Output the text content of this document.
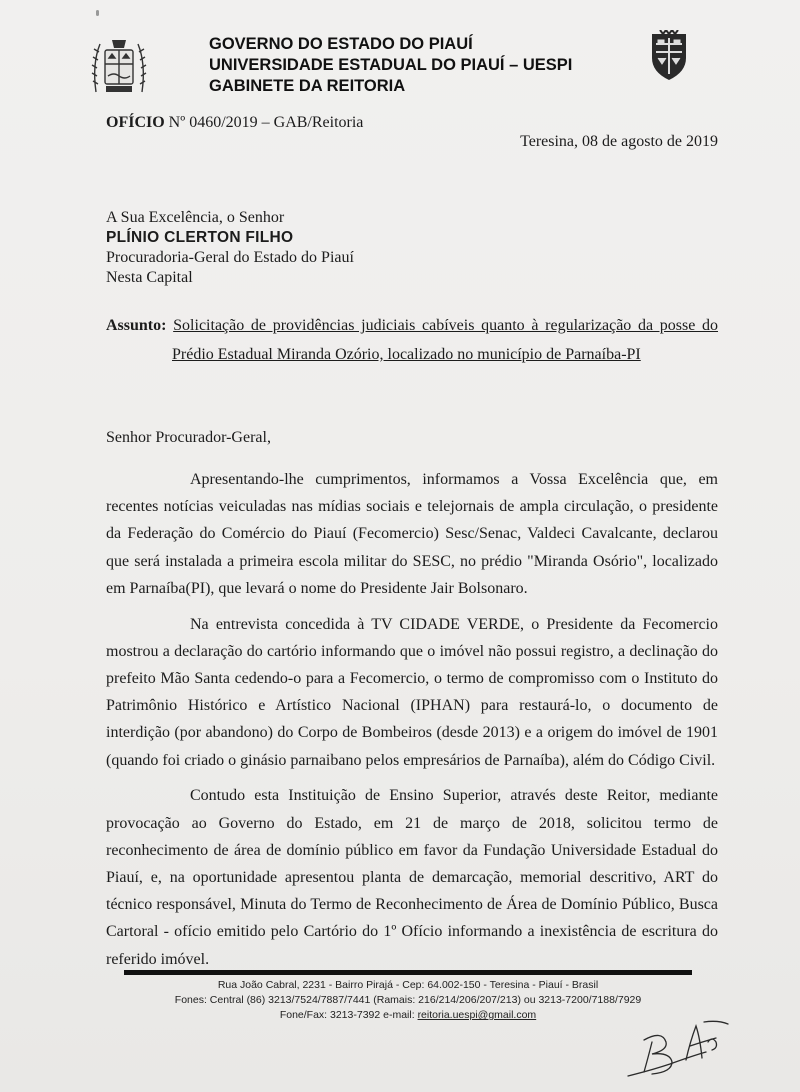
GOVERNO DO ESTADO DO PIAUÍ
UNIVERSIDADE ESTADUAL DO PIAUÍ – UESPI
GABINETE DA REITORIA
OFÍCIO Nº 0460/2019 – GAB/Reitoria
Teresina, 08 de agosto de 2019
A Sua Excelência, o Senhor
PLÍNIO CLERTON FILHO
Procuradoria-Geral do Estado do Piauí
Nesta Capital
Assunto: Solicitação de providências judiciais cabíveis quanto à regularização da posse do
Prédio Estadual Miranda Ozório, localizado no município de Parnaíba-PI
Senhor Procurador-Geral,

Apresentando-lhe cumprimentos, informamos a Vossa Excelência que, em recentes notícias veiculadas nas mídias sociais e telejornais de ampla circulação, o presidente da Federação do Comércio do Piauí (Fecomercio) Sesc/Senac, Valdeci Cavalcante, declarou que será instalada a primeira escola militar do SESC, no prédio "Miranda Osório", localizado em Parnaíba(PI), que levará o nome do Presidente Jair Bolsonaro.

Na entrevista concedida à TV CIDADE VERDE, o Presidente da Fecomercio mostrou a declaração do cartório informando que o imóvel não possui registro, a declinação do prefeito Mão Santa cedendo-o para a Fecomercio, o termo de compromisso com o Instituto do Patrimônio Histórico e Artístico Nacional (IPHAN) para restaurá-lo, o documento de interdição (por abandono) do Corpo de Bombeiros (desde 2013) e a origem do imóvel de 1901 (quando foi criado o ginásio parnaibano pelos empresários de Parnaíba), além do Código Civil.

Contudo esta Instituição de Ensino Superior, através deste Reitor, mediante provocação ao Governo do Estado, em 21 de março de 2018, solicitou termo de reconhecimento de área de domínio público em favor da Fundação Universidade Estadual do Piauí, e, na oportunidade apresentou planta de demarcação, memorial descritivo, ART do técnico responsável, Minuta do Termo de Reconhecimento de Área de Domínio Público, Busca Cartoral - ofício emitido pelo Cartório do 1º Ofício informando a inexistência de escritura do referido imóvel.

Rua João Cabral, 2231 - Bairro Pirajá - Cep: 64.002-150 - Teresina - Piauí - Brasil
Fones: Central (86) 3213/7524/7887/7441 (Ramais: 216/214/206/207/213) ou 3213-7200/7188/7929
Fone/Fax: 3213-7392 e-mail: reitoria.uespi@gmail.com
